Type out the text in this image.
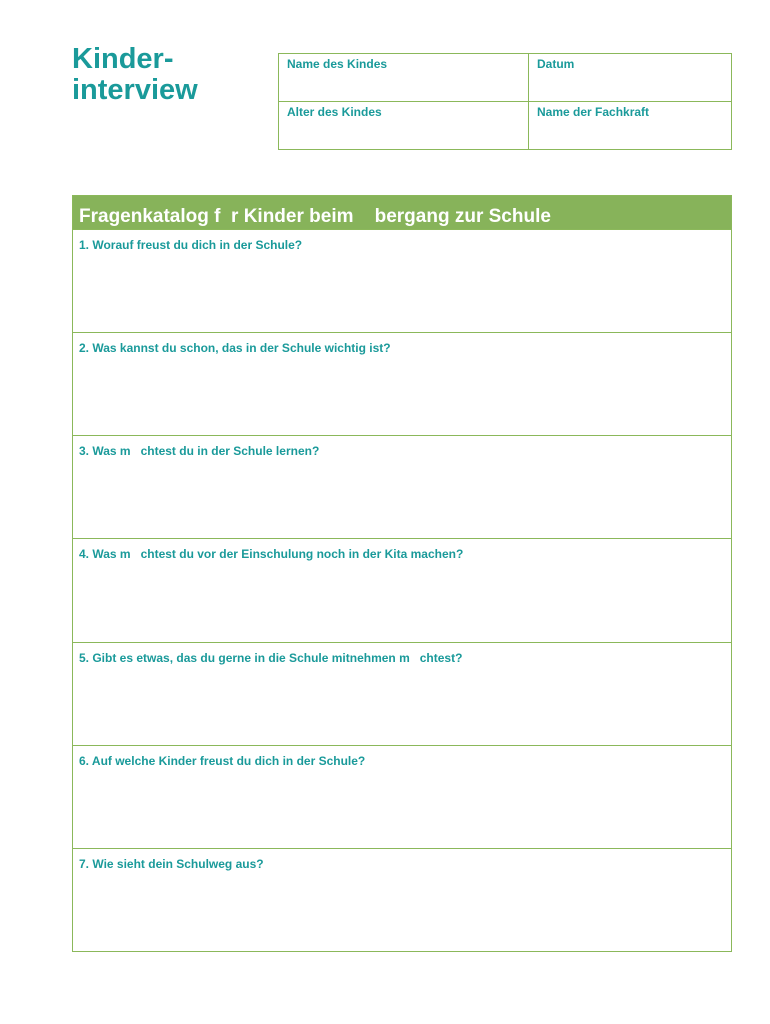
Kinder-
interview
Name des Kindes	Datum
Alter des Kindes	Name der Fachkraft
Fragenkatalog f  r Kinder beim    bergang zur Schule
1. Worauf freust du dich in der Schule?
2. Was kannst du schon, das in der Schule wichtig ist?
3. Was m   chtest du in der Schule lernen?
4. Was m   chtest du vor der Einschulung noch in der Kita machen?
5. Gibt es etwas, das du gerne in die Schule mitnehmen m   chtest?
6. Auf welche Kinder freust du dich in der Schule?
7. Wie sieht dein Schulweg aus?
